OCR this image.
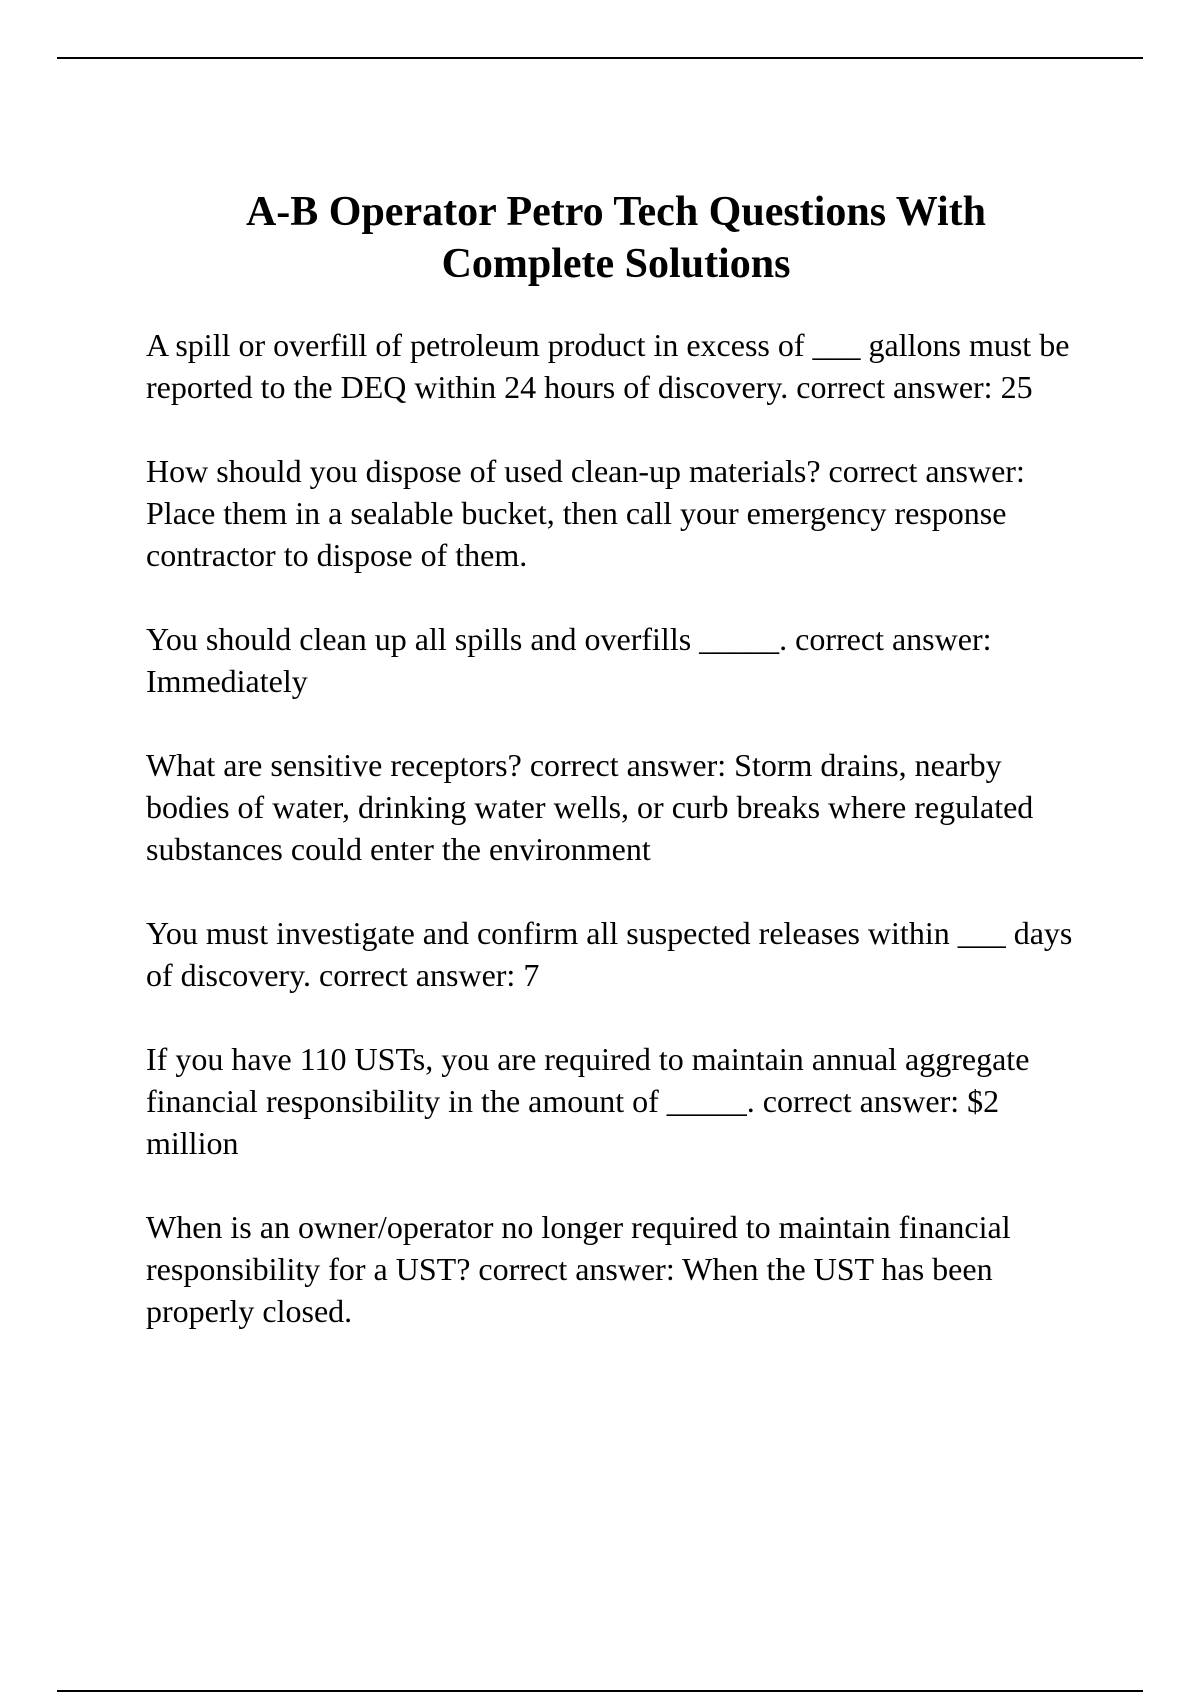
A-B Operator Petro Tech Questions With
Complete Solutions
A spill or overfill of petroleum product in excess of ___ gallons must be reported to the DEQ within 24 hours of discovery. correct answer: 25
How should you dispose of used clean-up materials? correct answer: Place them in a sealable bucket, then call your emergency response contractor to dispose of them.
You should clean up all spills and overfills _____. correct answer: Immediately
What are sensitive receptors? correct answer: Storm drains, nearby bodies of water, drinking water wells, or curb breaks where regulated substances could enter the environment
You must investigate and confirm all suspected releases within ___ days of discovery. correct answer: 7
If you have 110 USTs, you are required to maintain annual aggregate financial responsibility in the amount of _____. correct answer: $2 million
When is an owner/operator no longer required to maintain financial responsibility for a UST? correct answer: When the UST has been properly closed.
